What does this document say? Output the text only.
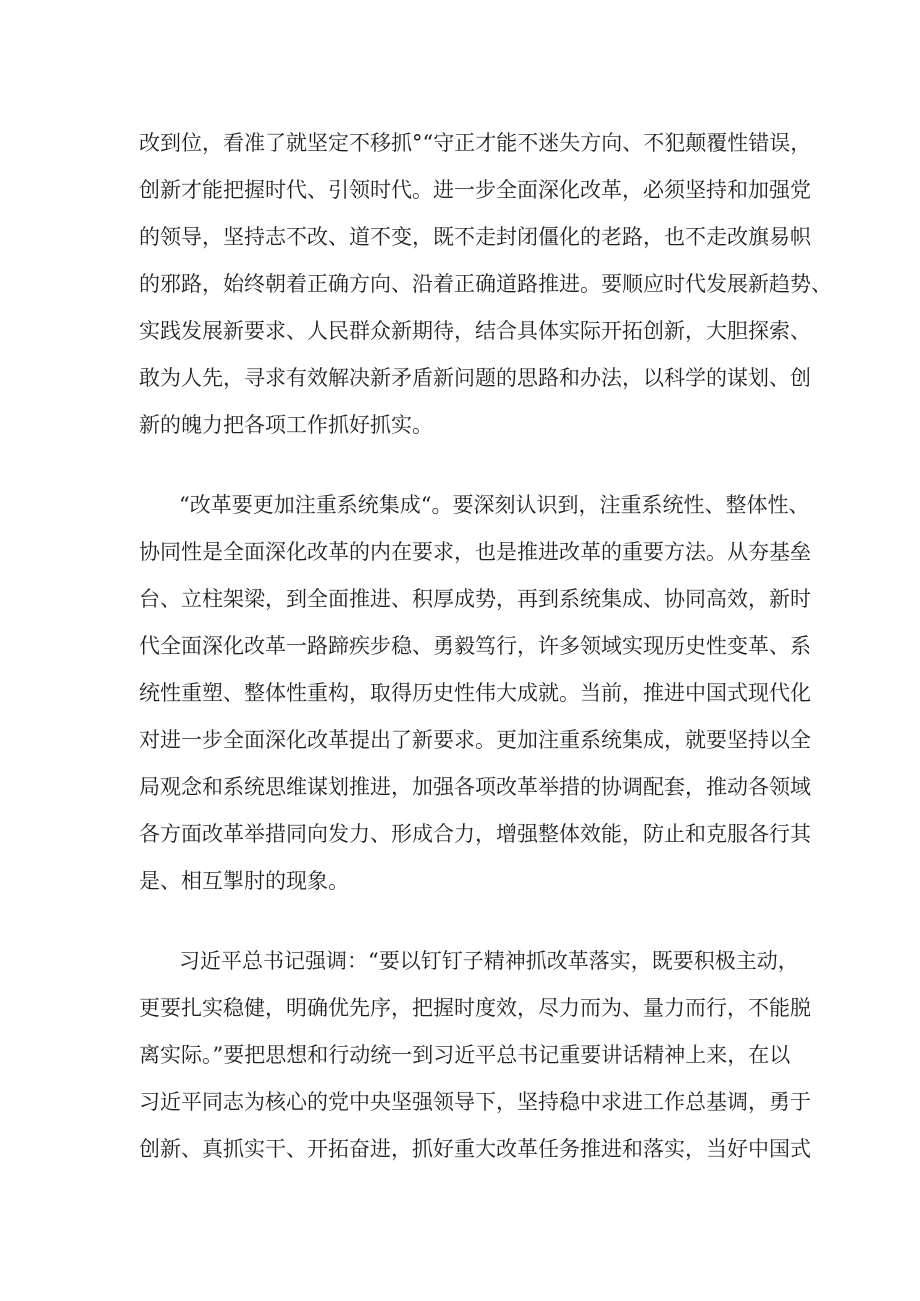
改到位，看准了就坚定不移抓°“守正才能不迷失方向、不犯颠覆性错误，
创新才能把握时代、引领时代。进一步全面深化改革，必须坚持和加强党
的领导，坚持志不改、道不变，既不走封闭僵化的老路，也不走改旗易帜
的邪路，始终朝着正确方向、沿着正确道路推进。要顺应时代发展新趋势、
实践发展新要求、人民群众新期待，结合具体实际开拓创新，大胆探索、
敢为人先，寻求有效解决新矛盾新问题的思路和办法，以科学的谋划、创
新的魄力把各项工作抓好抓实。
“改革要更加注重系统集成“。要深刻认识到，注重系统性、整体性、
协同性是全面深化改革的内在要求，也是推进改革的重要方法。从夯基垒
台、立柱架梁，到全面推进、积厚成势，再到系统集成、协同高效，新时
代全面深化改革一路蹄疾步稳、勇毅笃行，许多领域实现历史性变革、系
统性重塑、整体性重构，取得历史性伟大成就。当前，推进中国式现代化
对进一步全面深化改革提出了新要求。更加注重系统集成，就要坚持以全
局观念和系统思维谋划推进，加强各项改革举措的协调配套，推动各领域
各方面改革举措同向发力、形成合力，增强整体效能，防止和克服各行其
是、相互掣肘的现象。
习近平总书记强调：“要以钉钉子精神抓改革落实，既要积极主动，
更要扎实稳健，明确优先序，把握时度效，尽力而为、量力而行，不能脱
离实际。”要把思想和行动统一到习近平总书记重要讲话精神上来，在以
习近平同志为核心的党中央坚强领导下，坚持稳中求进工作总基调，勇于
创新、真抓实干、开拓奋进，抓好重大改革任务推进和落实，当好中国式
